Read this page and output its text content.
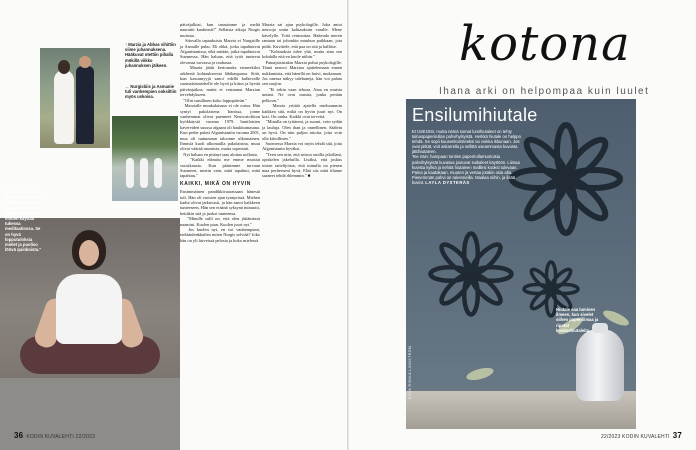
↑ Marzia ja Abbas vihittiin viime juhannuksena. Hääkuvat otettiin pihalla mökillä viikko juhannuksen jälkeen.
← Nurgisbiis ja Asmanie tuli vanhempien ooksiltiin myös uskoisa.
Marzian mieli on arabiaa ja terkintoa tälleillä Joinalisia olevaa. "Se tukee oleketöitä, mutta sosten käyttää tukessa meditaatiossa. Se on hyvä lopputuloksia mielet ja puoliso löövä quinkoista."
päiväjulkiat, kun tanssimme ja meltä naurattii kauheasti!" Sellaista aikoja Nurgis muistaa.
Sitovalla tapauksista Marzia ei Nurgisille ja Asmalle puhu. Eli ehkä, jotka tapahtuivat Afganistanissa, eikä mitään, jotka tapahtuivat Suomessa. Hän haluaa, että tytöt tuntevat olevansa turvassa ja rauhassa.
Marzia jäätti kertomatta esimerkiksi arkhestä kohtaukseesta lähikaupassa. Siitä, kun kassamyyjä sanoi edellä kulkevalle suomalaismiehelle ole hyvä ja kiitos ja hyvää päivänjatkoa, mutta ei vastannut Marzian tervehdykseen.
"Olin surullinen koko loppupäivän."
Marzialle muukalaisuus ei ole outoa. Hän syntyi pakolaisena Iranissa, jonne vanhemmat olivat paenneet Neuvostoliiton hyökkäystä vuonna 1979. Iranilaisten kavereiden suussa afgaani oli haukkumasana. Kun perhe palasi Afganistaniin vuonna 2001, mua oli tuntumaan taloonne ulkomainen. Ihmisiä kuoli ulkomailla pakolaisina, muut olivat väärää ruumista, muita sopeutuit.
Nyt haluan en pitänyt taas alottaa nollasta.
"Kaikki elämäsi me emme muistat vuosikausia. Kun pääsimme turvaan Suomeen, mietin vain, mitä tapahtui, mitä tapahtuu."
KAIKKI, MIKÄ ON HYVIN
Ensimmäinen pandikkivaarassaan hänestä tuli. Hän oli vuosien ajan tynnyrissä. Miehen kadut olivat jatkuvasti, ja hän sanoi kaikkeen tunteeseen, Hän sen eräänä syksynä minuutti, heitäkin sitä ja juoksi tunteensa.
"Minulle sulli on, että olen jättämässä naamini. Kuolen pian. Kuolen juuri nyt."
Jos kuolen nyt, en voi vanhempiani, eteläänlenkkailen miten Nurgis selviää? Joko hän on yli hirveissä pelosta ja koko mielessä
Marzia sai ajan psykologille. Joka antoi neuvoja uniin kohtauksiin varalle. Mene kävelylle. Yritä rentouttaa. Hakeuda meren rantaan tai johonkin muuhun paikkaan, jota pidät. Kuvittele, että paa on sitä ja hallitse.
"Kohtauksia tulee yhä, mutta aina sen kohdalla että en kuole niihin."
Painajaisistakin Marzia puhui psykologille. Tämä neuvoi Marziaa ajattelemaan ennen nukkumista, että hänellä on huivi, mukanaan. Jos unessa näkyy talebaneja, hän voi palata sen suojiin.
"Ei sekin vaan tehoaa. Aina en muista uniani. Ne ovat mustia, jonka perään pelkoon."
Marzia yrittää ajatella mieluummin kaikkea sitä, mikä on hyvin juuri nyt. On koti. On rauha. Kaikki ovat terveitä.
"Minulla on tyttäreni, ja suomi, voin sydän ja lauluja. Olen ihan ja onnellinen. Säälein on hyvä. On niin paljon asioita, joita voin olla kiitollinen."
Suomessa Marzia voi myös tehdä sitä, joita Afganistanin hyväksi.
"Teen sen niin, että seison omilla jaloillani, opiskelen jakeluilla. Lisäksi, että joskus toisen taitelijoista, että minulla on pienen maa perheeseni hyvä, Elää siis mitä tilanne saaneet tehdä rhlemmin." ■
36 KODIN KUVALEHTI 22/2023
kotona
Ihana arki on helpompaa kuin luulet
Ensilumihiutale
EI USKOISI, mutta nämä somat lumihiutaleet on tehty talouspaperirullan pahvihylsyistä. Herkkä hiutale on helppo tehdä. Se sopii kuusenkoristeeksi tai voikka ikkunaan. Jos ovat pitkät, voit askarrella ja sellittä useammasta kuvasta jättihiutaleen.
Tee näin: hampaan tuntien paperirullamuotoisia pahvihylsyistä kuvassa joutuvat suikaleet käyttöön. Liimaa kuvista kylkiä ja kehitä hiutaleen malliksi kooksi tulevaan. Paina ja kaatakaan, muuten ja vertaa jotakin osia alla. Pienemmän pahvi on rakenneilla. Maalaa niihin, ja lisää kuviot. LAYLA DYSTERÄS
Hiutale saa lumisen ilmeen, kun sivelet siihen paperiliimaa ja ripotat kookoshiutaleita.
KUVA RIIKKA LINDSTRÖM
22/2023 KODIN KUVALEHTI 37
